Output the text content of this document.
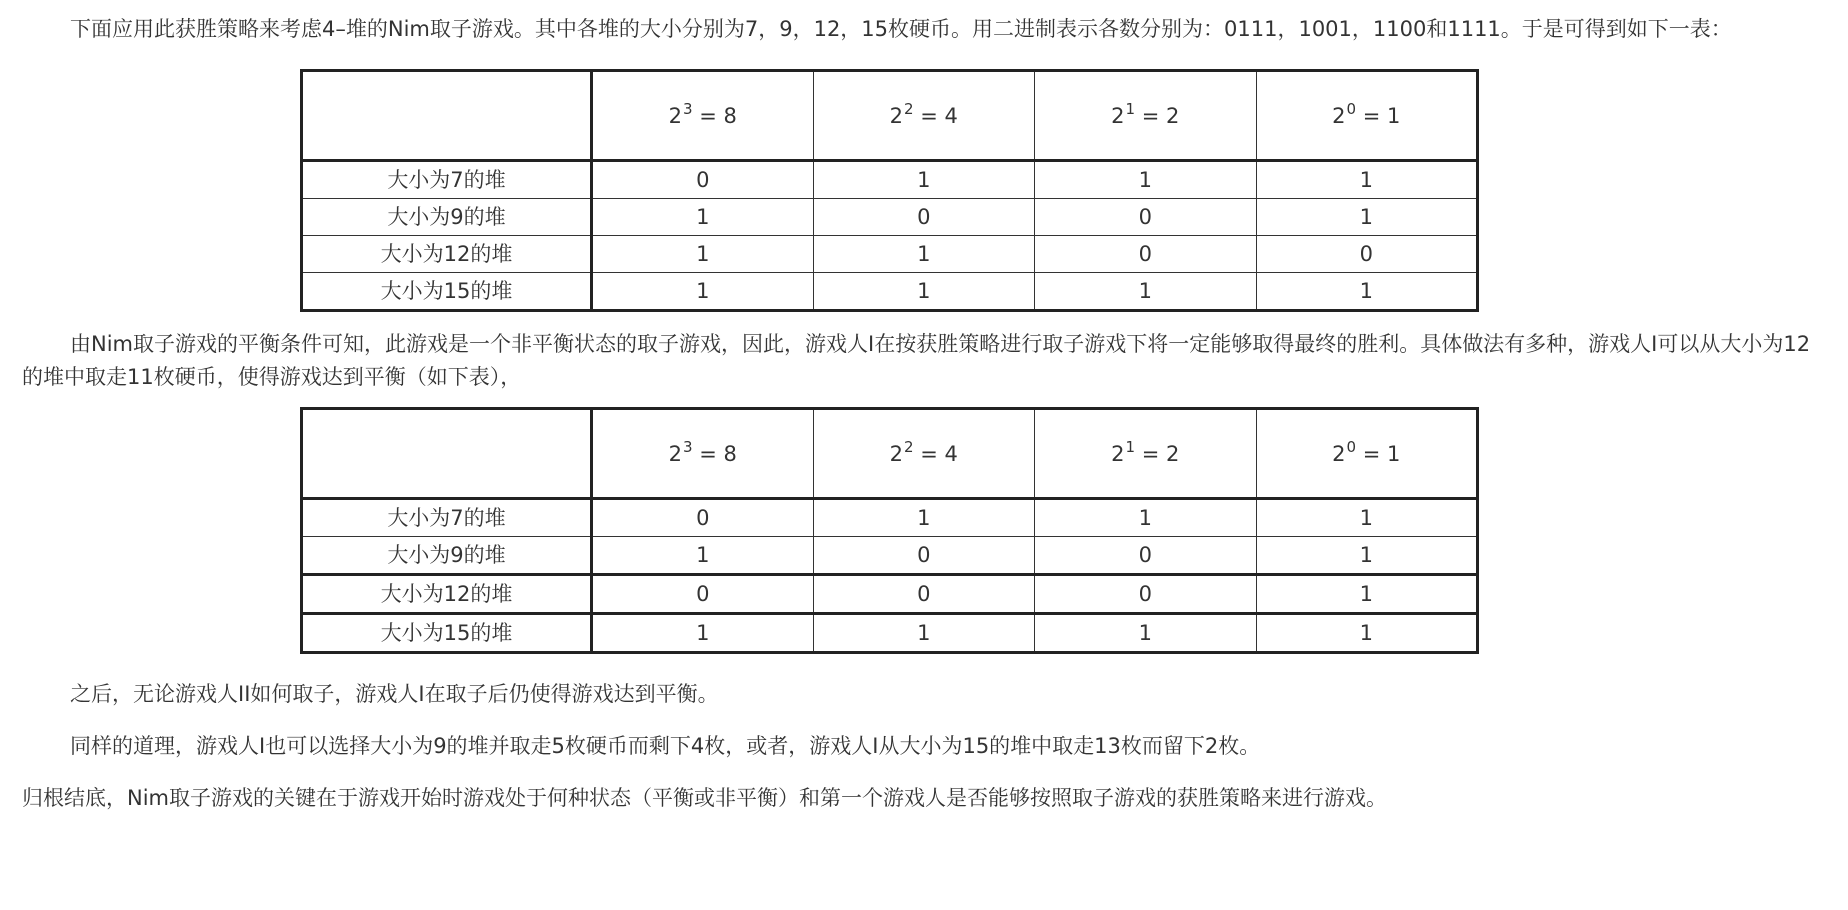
下面应用此获胜策略来考虑4–堆的Nim取子游戏。其中各堆的大小分别为7，9，12，15枚硬币。用二进制表示各数分别为：0111，1001，1100和1111。于是可得到如下一表：

	$2^3 = 8$	$2^2 = 4$	$2^1 = 2$	$2^0 = 1$
大小为7的堆	0	1	1	1
大小为9的堆	1	0	0	1
大小为12的堆	1	1	0	0
大小为15的堆	1	1	1	1

由Nim取子游戏的平衡条件可知，此游戏是一个非平衡状态的取子游戏，因此，游戏人I在按获胜策略进行取子游戏下将一定能够取得最终的胜利。具体做法有多种，游戏人I可以从大小为12的堆中取走11枚硬币，使得游戏达到平衡（如下表），

	$2^3 = 8$	$2^2 = 4$	$2^1 = 2$	$2^0 = 1$
大小为7的堆	0	1	1	1
大小为9的堆	1	0	0	1
大小为12的堆	0	0	0	1
大小为15的堆	1	1	1	1

之后，无论游戏人II如何取子，游戏人I在取子后仍使得游戏达到平衡。

同样的道理，游戏人I也可以选择大小为9的堆并取走5枚硬币而剩下4枚，或者，游戏人I从大小为15的堆中取走13枚而留下2枚。

归根结底，Nim取子游戏的关键在于游戏开始时游戏处于何种状态（平衡或非平衡）和第一个游戏人是否能够按照取子游戏的获胜策略来进行游戏。
